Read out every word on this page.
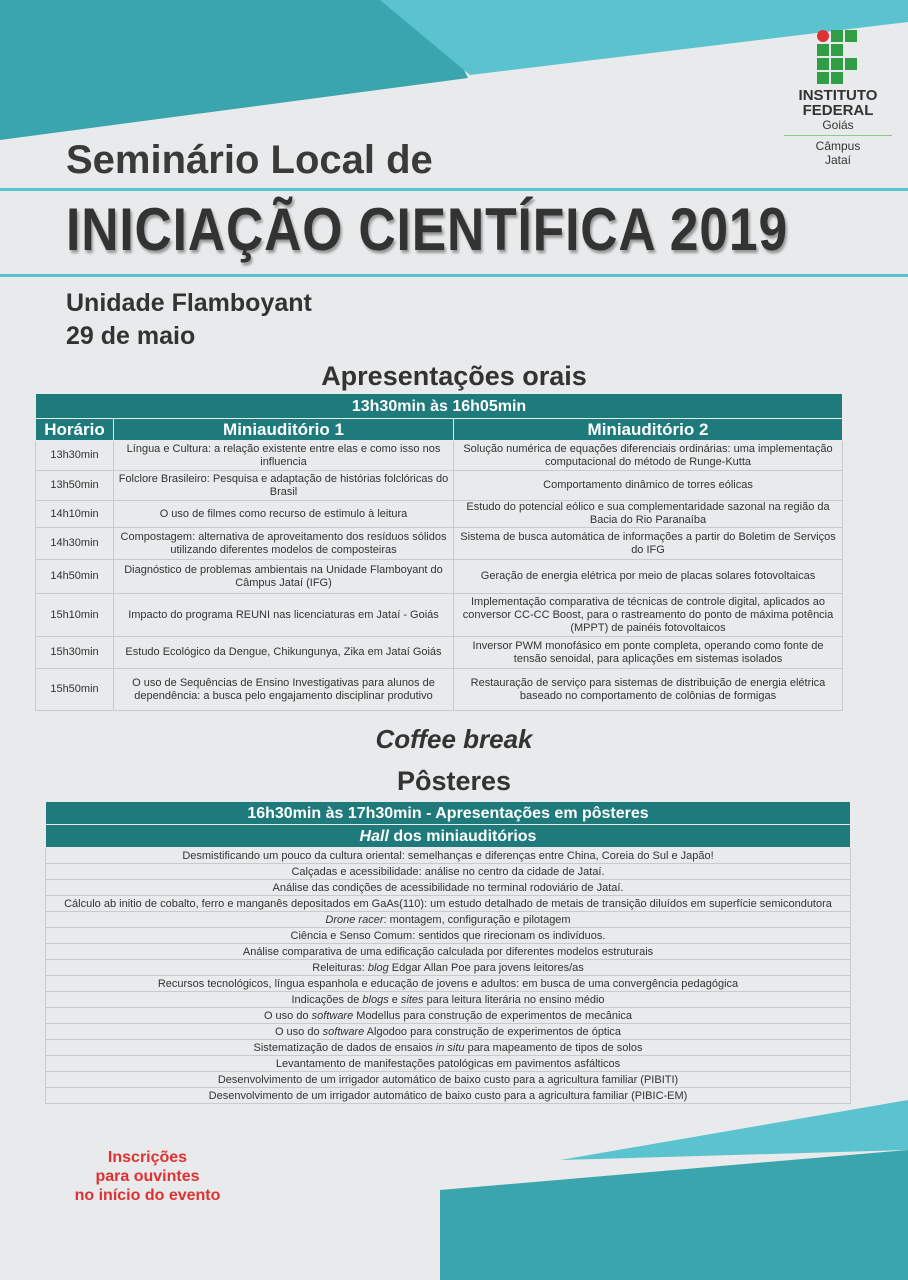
INSTITUTO
FEDERAL
Goiás
Câmpus
Jataí
Seminário Local de
INICIAÇÃO CIENTÍFICA 2019
Unidade Flamboyant
29 de maio
Apresentações orais
13h30min às 16h05min		
Horário	Miniauditório 1	Miniauditório 2
13h30min	Língua e Cultura: a relação existente entre elas e como isso nos influencia	Solução numérica de equações diferenciais ordinárias: uma implementação computacional do método de Runge-Kutta
13h50min	Folclore Brasileiro: Pesquisa e adaptação de histórias folclóricas do Brasil	Comportamento dinâmico de torres eólicas
14h10min	O uso de filmes como recurso de estimulo à leitura	Estudo do potencial eólico e sua complementaridade sazonal na região da Bacia do Rio Paranaíba
14h30min	Compostagem: alternativa de aproveitamento dos resíduos sólidos utilizando diferentes modelos de composteiras	Sistema de busca automática de informações a partir do Boletim de Serviços do IFG
14h50min	Diagnóstico de problemas ambientais na Unidade Flamboyant do Câmpus Jataí (IFG)	Geração de energia elétrica por meio de placas solares fotovoltaicas
15h10min	Impacto do programa REUNI nas licenciaturas em Jataí - Goiás	Implementação comparativa de técnicas de controle digital, aplicados ao conversor CC-CC Boost, para o rastreamento do ponto de máxima potência (MPPT) de painéis fotovoltaicos
15h30min	Estudo Ecológico da Dengue, Chikungunya, Zika em Jataí Goiás	Inversor PWM monofásico em ponte completa, operando como fonte de tensão senoidal, para aplicações em sistemas isolados
15h50min	O uso de Sequências de Ensino Investigativas para alunos de dependência: a busca pelo engajamento disciplinar produtivo	Restauração de serviço para sistemas de distribuição de energia elétrica baseado no comportamento de colônias de formigas
Coffee break
Pôsteres
16h30min às 17h30min - Apresentações em pôsteres
Hall dos miniauditórios
Desmistificando um pouco da cultura oriental: semelhanças e diferenças entre China, Coreia do Sul e Japão!
Calçadas e acessibilidade: análise no centro da cidade de Jataí.
Análise das condições de acessibilidade no terminal rodoviário de Jataí.
Cálculo ab initio de cobalto, ferro e manganês depositados em GaAs(110): um estudo detalhado de metais de transição diluídos em superfície semicondutora
Drone racer: montagem, configuração e pilotagem
Ciência e Senso Comum: sentidos que rirecionam os indivíduos.
Análise comparativa de uma edificação calculada por diferentes modelos estruturais
Releituras: blog Edgar Allan Poe para jovens leitores/as
Recursos tecnológicos, língua espanhola e educação de jovens e adultos: em busca de uma convergência pedagógica
Indicações de blogs e sites para leitura literária no ensino médio
O uso do software Modellus para construção de experimentos de mecânica
O uso do software Algodoo para construção de experimentos de óptica
Sistematização de dados de ensaios in situ para mapeamento de tipos de solos
Levantamento de manifestações patológicas em pavimentos asfálticos
Desenvolvimento de um irrigador automático de baixo custo para a agricultura familiar (PIBITI)
Desenvolvimento de um irrigador automático de baixo custo para a agricultura familiar (PIBIC-EM)
Inscrições
para ouvintes
no início do evento
